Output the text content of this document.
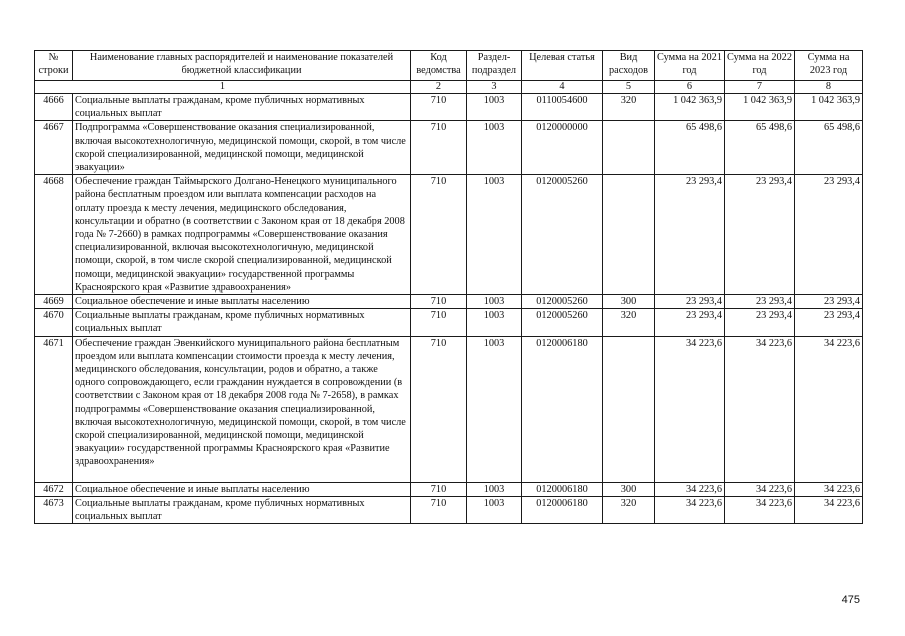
№ строки	Наименование главных распорядителей и наименование показателей бюджетной классификации	Код ведомства	Раздел-подраздел	Целевая статья	Вид расходов	Сумма на 2021 год	Сумма на 2022 год	Сумма на 2023 год
1		2	3	4	5	6	7	8
4666	Социальные выплаты гражданам, кроме публичных нормативных социальных выплат	710	1003	0110054600	320	1 042 363,9	1 042 363,9	1 042 363,9
4667	Подпрограмма «Совершенствование оказания специализированной, включая высокотехнологичную, медицинской помощи, скорой, в том числе скорой специализированной, медицинской помощи, медицинской эвакуации»	710	1003	0120000000		65 498,6	65 498,6	65 498,6
4668	Обеспечение граждан Таймырского Долгано-Ненецкого муниципального района бесплатным проездом или выплата компенсации расходов на оплату проезда к месту лечения, медицинского обследования, консультации и обратно (в соответствии с Законом края от 18 декабря 2008 года № 7-2660) в рамках подпрограммы «Совершенствование оказания специализированной, включая высокотехнологичную, медицинской помощи, скорой, в том числе скорой специализированной, медицинской помощи, медицинской эвакуации» государственной программы Красноярского края «Развитие здравоохранения»	710	1003	0120005260		23 293,4	23 293,4	23 293,4
4669	Социальное обеспечение и иные выплаты населению	710	1003	0120005260	300	23 293,4	23 293,4	23 293,4
4670	Социальные выплаты гражданам, кроме публичных нормативных социальных выплат	710	1003	0120005260	320	23 293,4	23 293,4	23 293,4
4671	Обеспечение граждан Эвенкийского муниципального района бесплатным проездом или выплата компенсации стоимости проезда к месту лечения, медицинского обследования, консультации, родов и обратно, а также одного сопровождающего, если гражданин нуждается в сопровождении (в соответствии с Законом края от 18 декабря 2008 года № 7-2658), в рамках подпрограммы «Совершенствование оказания специализированной, включая высокотехнологичную, медицинской помощи, скорой, в том числе скорой специализированной, медицинской помощи, медицинской эвакуации» государственной программы Красноярского края «Развитие здравоохранения»	710	1003	0120006180		34 223,6	34 223,6	34 223,6
4672	Социальное обеспечение и иные выплаты населению	710	1003	0120006180	300	34 223,6	34 223,6	34 223,6
4673	Социальные выплаты гражданам, кроме публичных нормативных социальных выплат	710	1003	0120006180	320	34 223,6	34 223,6	34 223,6
475
